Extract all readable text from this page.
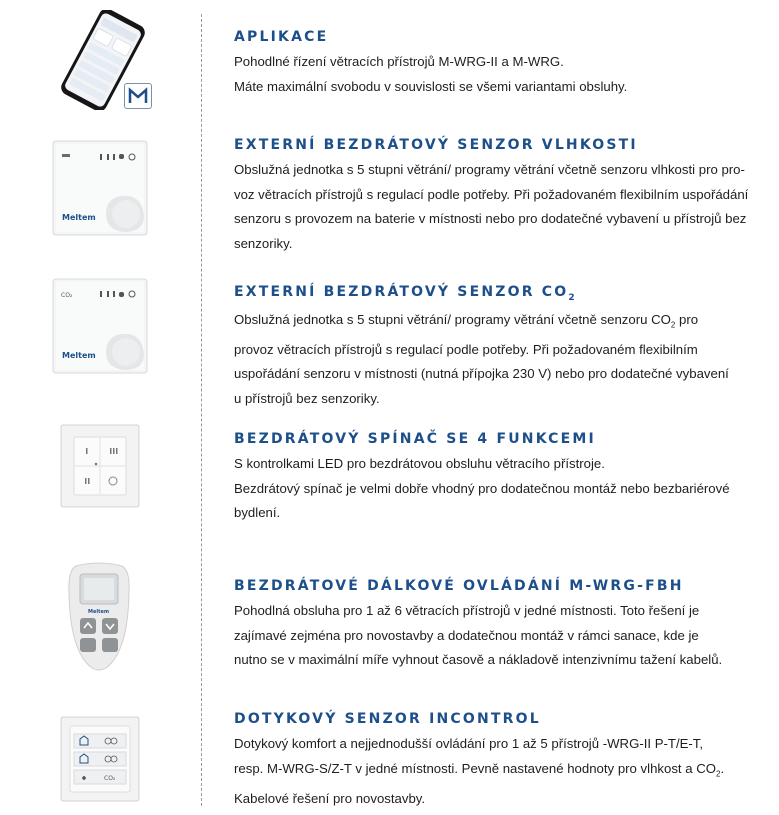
APLIKACE

Pohodlné řízení větracích přístrojů M-WRG-II a M-WRG.
Máte maximální svobodu v souvislosti se všemi variantami obsluhy.

Meltem
EXTERNÍ BEZDRÁTOVÝ SENZOR VLHKOSTI

Obslužná jednotka s 5 stupni větrání/ programy větrání včetně senzoru vlhkosti pro pro-
voz větracích přístrojů s regulací podle potřeby. Při požadovaném flexibilním uspořádání
senzoru s provozem na baterie v místnosti nebo pro dodatečné vybavení u přístrojů bez
senzoriky.

CO₂
Meltem
EXTERNÍ BEZDRÁTOVÝ SENZOR $CO_2$

Obslužná jednotka s 5 stupni větrání/ programy větrání včetně senzoru $CO_2$ pro
provoz větracích přístrojů s regulací podle potřeby. Při požadovaném flexibilním
uspořádání senzoru v místnosti (nutná přípojka 230 V) nebo pro dodatečné vybavení
u přístrojů bez senzoriky.

BEZDRÁTOVÝ SPÍNAČ SE 4 FUNKCEMI

S kontrolkami LED pro bezdrátovou obsluhu větracího přístroje.
Bezdrátový spínač je velmi dobře vhodný pro dodatečnou montáž nebo bezbariérové
bydlení.

Meltem
BEZDRÁTOVÉ DÁLKOVÉ OVLÁDÁNÍ M-WRG-FBH

Pohodlná obsluha pro 1 až 6 větracích přístrojů v jedné místnosti. Toto řešení je
zajímavé zejména pro novostavby a dodatečnou montáž v rámci sanace, kde je
nutno se v maximální míře vyhnout časově a nákladově intenzivnímu tažení kabelů.

CO₂
DOTYKOVÝ SENZOR INCONTROL

Dotykový komfort a nejjednodušší ovládání pro 1 až 5 přístrojů -WRG-II P-T/E-T,
resp. M-WRG-S/Z-T v jedné místnosti. Pevně nastavené hodnoty pro vlhkost a $CO_2$.
Kabelové řešení pro novostavby.
